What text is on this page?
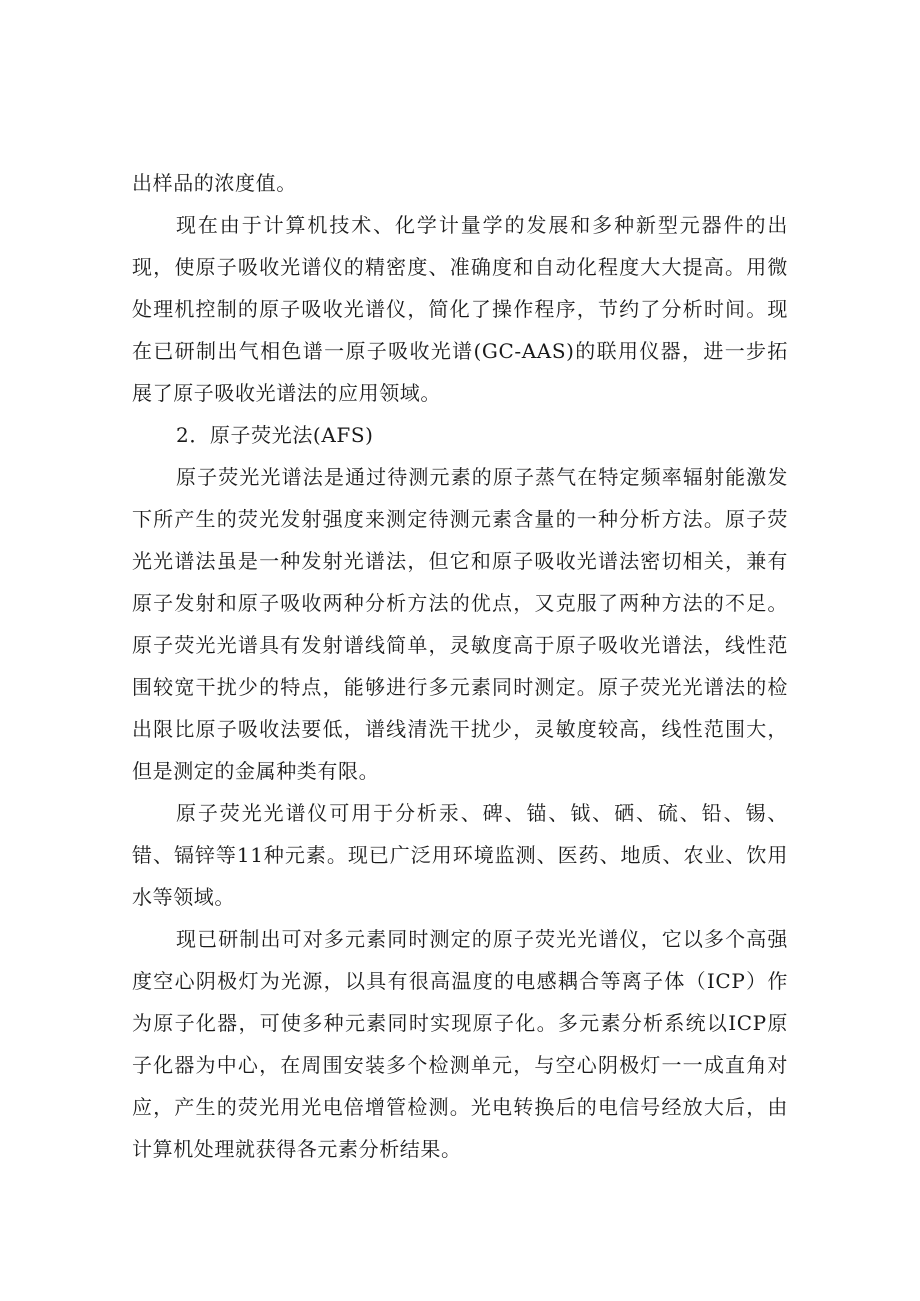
出样品的浓度值。

现在由于计算机技术、化学计量学的发展和多种新型元器件的出现，使原子吸收光谱仪的精密度、准确度和自动化程度大大提高。用微处理机控制的原子吸收光谱仪，简化了操作程序，节约了分析时间。现在已研制出气相色谱一原子吸收光谱(GC-AAS)的联用仪器，进一步拓展了原子吸收光谱法的应用领域。

2．原子荧光法(AFS)

原子荧光光谱法是通过待测元素的原子蒸气在特定频率辐射能激发下所产生的荧光发射强度来测定待测元素含量的一种分析方法。原子荧光光谱法虽是一种发射光谱法，但它和原子吸收光谱法密切相关，兼有原子发射和原子吸收两种分析方法的优点，又克服了两种方法的不足。原子荧光光谱具有发射谱线简单，灵敏度高于原子吸收光谱法，线性范围较宽干扰少的特点，能够进行多元素同时测定。原子荧光光谱法的检出限比原子吸收法要低，谱线清洗干扰少，灵敏度较高，线性范围大，但是测定的金属种类有限。

原子荧光光谱仪可用于分析汞、碑、锚、钺、硒、硫、铅、锡、错、镉锌等11种元素。现已广泛用环境监测、医药、地质、农业、饮用水等领域。

现已研制出可对多元素同时测定的原子荧光光谱仪，它以多个高强度空心阴极灯为光源，以具有很高温度的电感耦合等离子体（ICP）作为原子化器，可使多种元素同时实现原子化。多元素分析系统以ICP原子化器为中心，在周围安装多个检测单元，与空心阴极灯一一成直角对应，产生的荧光用光电倍增管检测。光电转换后的电信号经放大后，由计算机处理就获得各元素分析结果。
